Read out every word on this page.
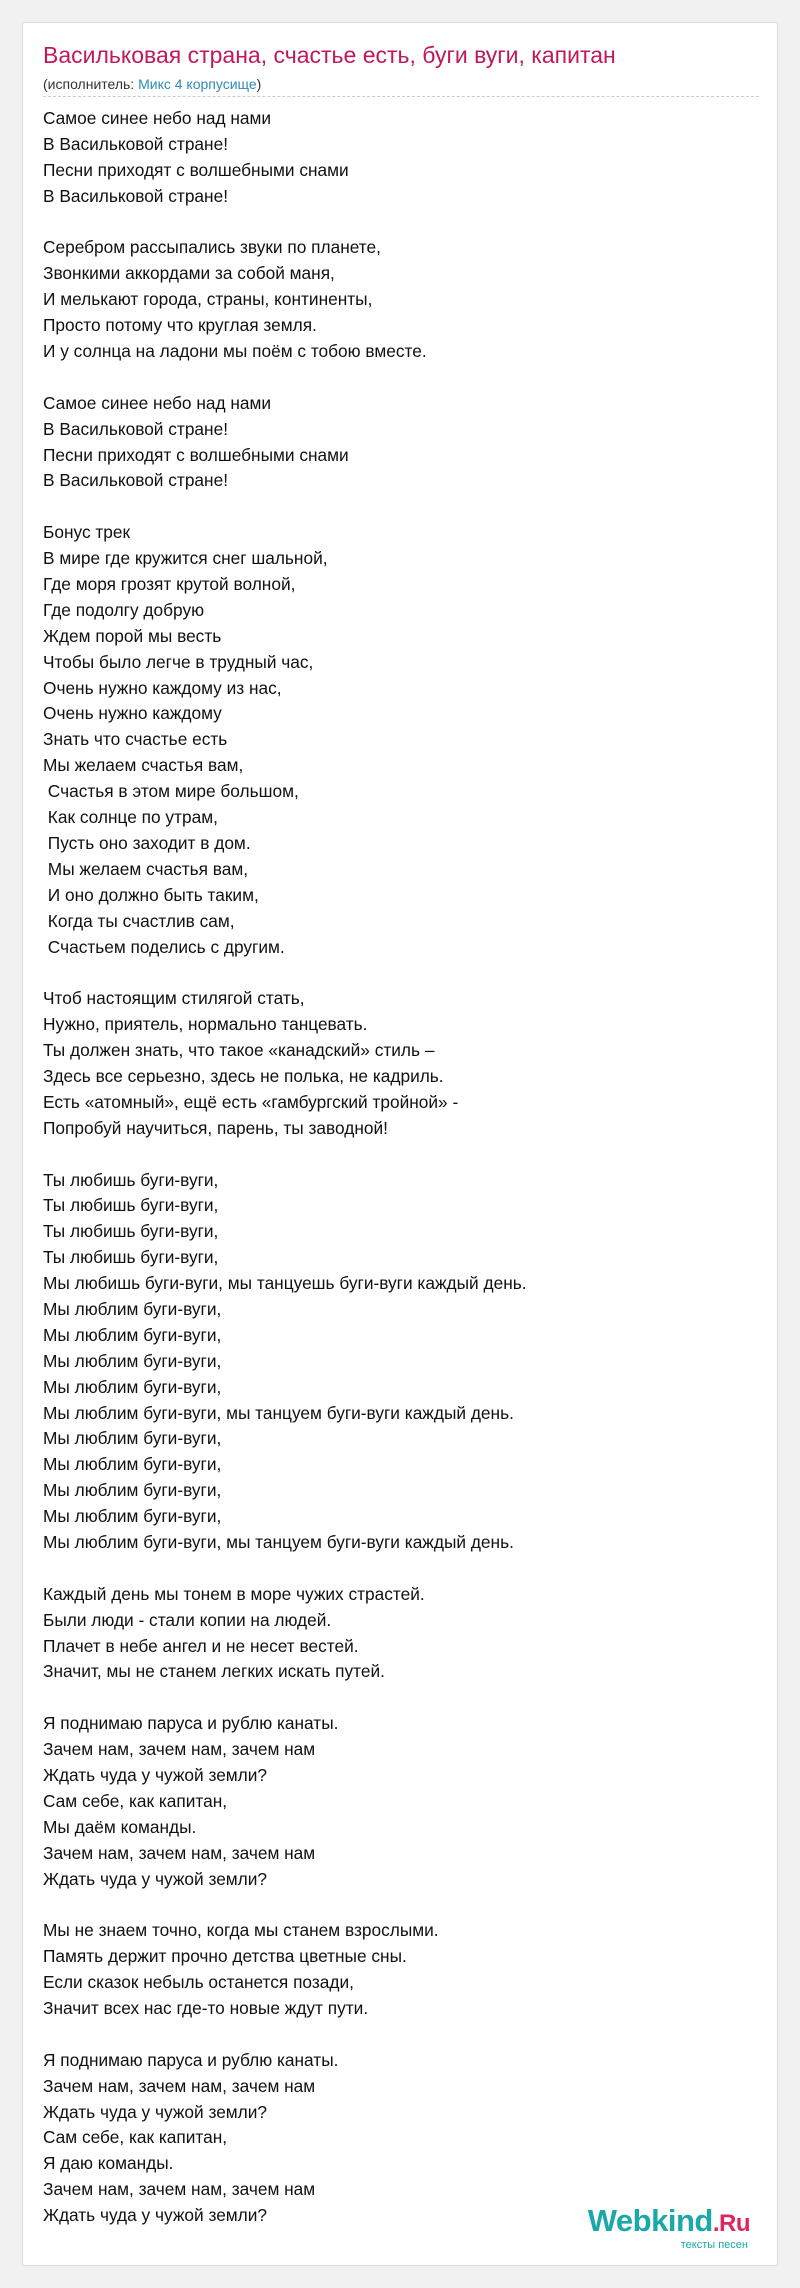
Васильковая страна, счастье есть, буги вуги, капитан
(исполнитель: Микс 4 корпусище)
Самое синее небо над нами
В Васильковой стране!
Песни приходят с волшебными снами
В Васильковой стране!
Серебром рассыпались звуки по планете,
Звонкими аккордами за собой маня,
И мелькают города, страны, континенты,
Просто потому что круглая земля.
И у солнца на ладони мы поём с тобою вместе.
Самое синее небо над нами
В Васильковой стране!
Песни приходят с волшебными снами
В Васильковой стране!
Бонус трек
В мире где кружится снег шальной,
Где моря грозят крутой волной,
Где подолгу добрую
Ждем порой мы весть
Чтобы было легче в трудный час,
Очень нужно каждому из нас,
Очень нужно каждому
Знать что счастье есть
Мы желаем счастья вам,
Счастья в этом мире большом,
Как солнце по утрам,
Пусть оно заходит в дом.
Мы желаем счастья вам,
И оно должно быть таким,
Когда ты счастлив сам,
Счастьем поделись с другим.
Чтоб настоящим стилягой стать,
Нужно, приятель, нормально танцевать.
Ты должен знать, что такое «канадский» стиль –
Здесь все серьезно, здесь не полька, не кадриль.
Есть «атомный», ещё есть «гамбургский тройной» -
Попробуй научиться, парень, ты заводной!
Ты любишь буги-вуги,
Ты любишь буги-вуги,
Ты любишь буги-вуги,
Ты любишь буги-вуги,
Мы любишь буги-вуги, мы танцуешь буги-вуги каждый день.
Мы люблим буги-вуги,
Мы люблим буги-вуги,
Мы люблим буги-вуги,
Мы люблим буги-вуги,
Мы люблим буги-вуги, мы танцуем буги-вуги каждый день.
Мы люблим буги-вуги,
Мы люблим буги-вуги,
Мы люблим буги-вуги,
Мы люблим буги-вуги,
Мы люблим буги-вуги, мы танцуем буги-вуги каждый день.
Каждый день мы тонем в море чужих страстей.
Были люди - стали копии на людей.
Плачет в небе ангел и не несет вестей.
Значит, мы не станем легких искать путей.
Я поднимаю паруса и рублю канаты.
Зачем нам, зачем нам, зачем нам
Ждать чуда у чужой земли?
Сам себе, как капитан,
Мы даём команды.
Зачем нам, зачем нам, зачем нам
Ждать чуда у чужой земли?
Мы не знаем точно, когда мы станем взрослыми.
Память держит прочно детства цветные сны.
Если сказок небыль останется позади,
Значит всех нас где-то новые ждут пути.
Я поднимаю паруса и рублю канаты.
Зачем нам, зачем нам, зачем нам
Ждать чуда у чужой земли?
Сам себе, как капитан,
Я даю команды.
Зачем нам, зачем нам, зачем нам
Ждать чуда у чужой земли?	Webkind.Ru
тексты песен
